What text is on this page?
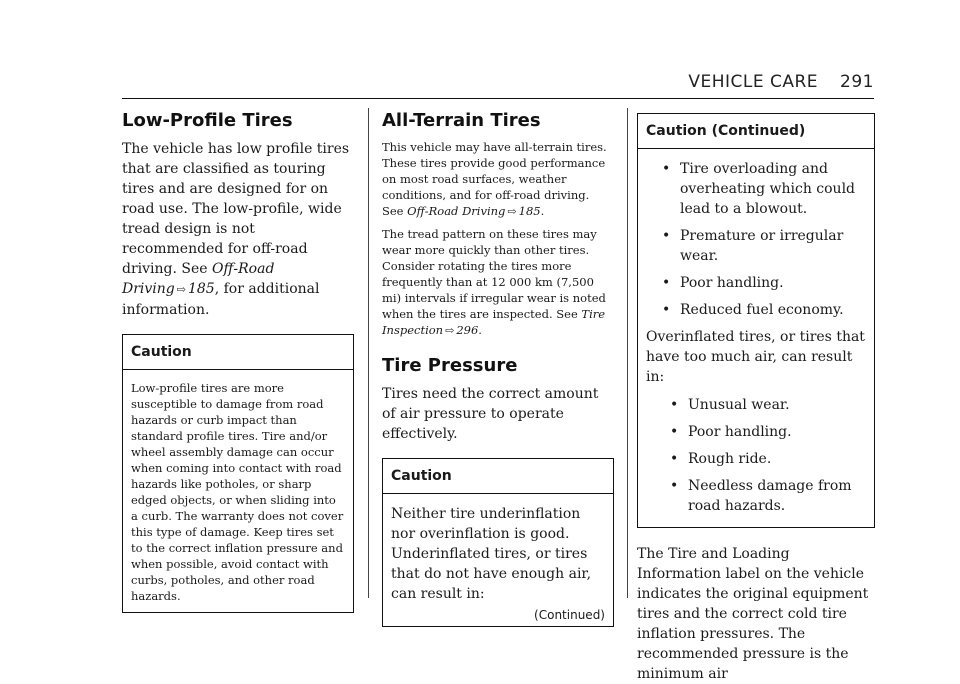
VEHICLE CARE 291
Low-Profile Tires

The vehicle has low profile tires that are classified as touring tires and are designed for on road use. The low-profile, wide tread design is not recommended for off-road driving. See Off-Road Driving ⇨ 185, for additional information.

Caution
Low-profile tires are more susceptible to damage from road hazards or curb impact than standard profile tires. Tire and/or wheel assembly damage can occur when coming into contact with road hazards like potholes, or sharp edged objects, or when sliding into a curb. The warranty does not cover this type of damage. Keep tires set to the correct inflation pressure and when possible, avoid contact with curbs, potholes, and other road hazards.
All-Terrain Tires

This vehicle may have all-terrain tires. These tires provide good performance on most road surfaces, weather conditions, and for off-road driving. See Off-Road Driving ⇨ 185.

The tread pattern on these tires may wear more quickly than other tires. Consider rotating the tires more frequently than at 12 000 km (7,500 mi) intervals if irregular wear is noted when the tires are inspected. See Tire Inspection ⇨ 296.

Tire Pressure

Tires need the correct amount of air pressure to operate effectively.

Caution

Neither tire underinflation nor overinflation is good. Underinflated tires, or tires that do not have enough air, can result in:

(Continued)
Caution (Continued)
• Tire overloading and overheating which could lead to a blowout.
• Premature or irregular wear.
• Poor handling.
• Reduced fuel economy.

Overinflated tires, or tires that have too much air, can result in:

• Unusual wear.
• Poor handling.
• Rough ride.
• Needless damage from road hazards.

The Tire and Loading Information label on the vehicle indicates the original equipment tires and the correct cold tire inflation pressures. The recommended pressure is the minimum air
